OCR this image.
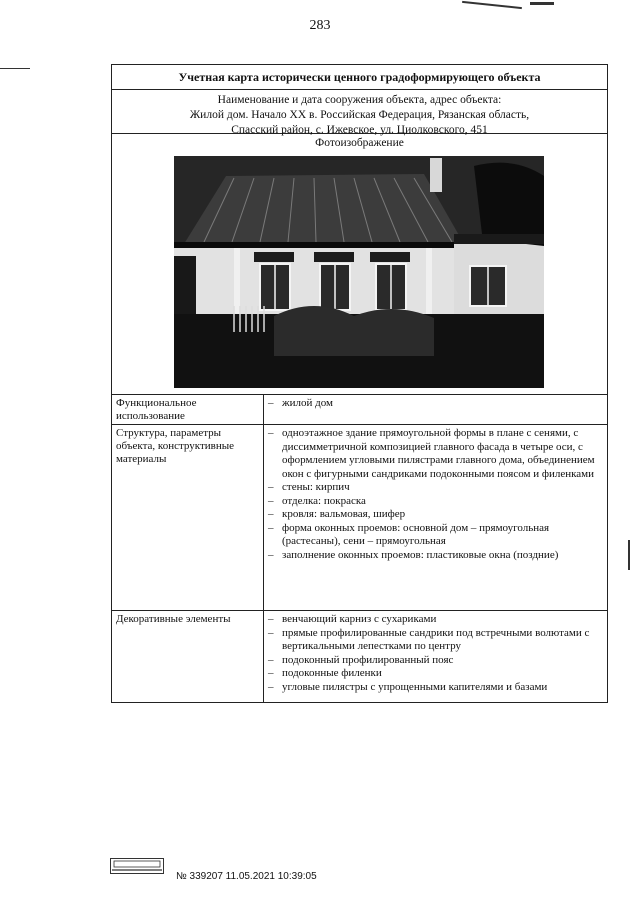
283
Учетная карта исторически ценного градоформирующего объекта
Наименование и дата сооружения объекта, адрес объекта:
Жилой дом. Начало XX в. Российская Федерация, Рязанская область,
Спасский район, с. Ижевское, ул. Циолковского, 451
Фотоизображение
Функциональное использование
– жилой дом
Структура, параметры объекта, конструктивные материалы
– одноэтажное здание прямоугольной формы в плане с сенями, с диссимметричной композицией главного фасада в четыре оси, с оформлением угловыми пилястрами главного дома, объединением окон с фигурными сандриками подоконными поясом и филенками
– стены: кирпич
– отделка: покраска
– кровля: вальмовая, шифер
– форма оконных проемов: основной дом – прямоугольная (растесаны), сени – прямоугольная
– заполнение оконных проемов: пластиковые окна (поздние)
Декоративные элементы	– венчающий карниз с сухариками
– прямые профилированные сандрики под встречными волютами с вертикальными лепестками по центру
– подоконный профилированный пояс
– подоконные филенки
– угловые пилястры с упрощенными капителями и базами
№ 339207 11.05.2021 10:39:05
